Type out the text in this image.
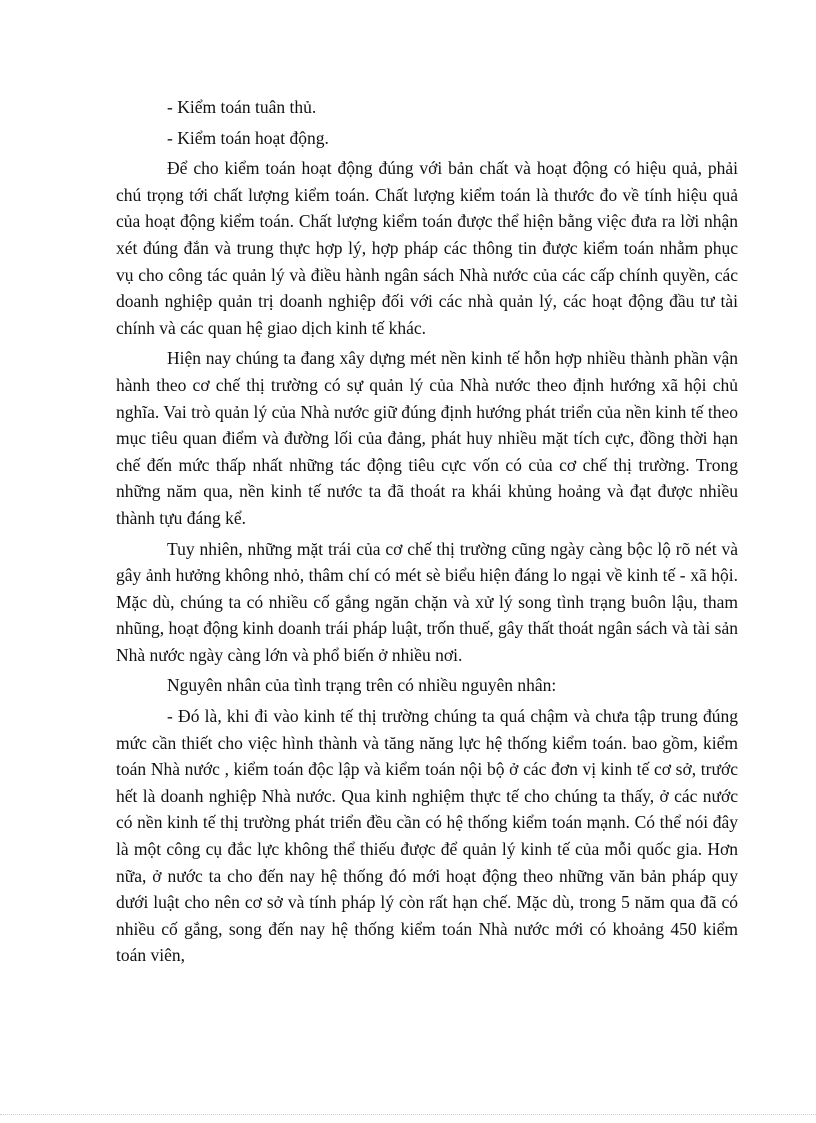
- Kiểm toán tuân thủ.

- Kiểm toán hoạt động.

Để cho kiểm toán hoạt động đúng với bản chất và hoạt động có hiệu quả, phải chú trọng tới chất lượng kiểm toán. Chất lượng kiểm toán là thước đo về tính hiệu quả của hoạt động kiểm toán. Chất lượng kiểm toán được thể hiện bằng việc đưa ra lời nhận xét đúng đắn và trung thực hợp lý, hợp pháp các thông tin được kiểm toán nhằm phục vụ cho công tác quản lý và điều hành ngân sách Nhà nước của các cấp chính quyền, các doanh nghiệp quản trị doanh nghiệp đối với các nhà quản lý, các hoạt động đầu tư tài chính và các quan hệ giao dịch kinh tế khác.

Hiện nay chúng ta đang xây dựng mét nền kinh tế hỗn hợp nhiều thành phần vận hành theo cơ chế thị trường có sự quản lý của Nhà nước theo định hướng xã hội chủ nghĩa. Vai trò quản lý của Nhà nước giữ đúng định hướng phát triển của nền kinh tế theo mục tiêu quan điểm và đường lối của đảng, phát huy nhiều mặt tích cực, đồng thời hạn chế đến mức thấp nhất những tác động tiêu cực vốn có của cơ chế thị trường. Trong những năm qua, nền kinh tế nước ta đã thoát ra khái khủng hoảng và đạt được nhiều thành tựu đáng kể.

Tuy nhiên, những mặt trái của cơ chế thị trường cũng ngày càng bộc lộ rõ nét và gây ảnh hưởng không nhỏ, thâm chí có mét sè biểu hiện đáng lo ngại về kinh tế - xã hội. Mặc dù, chúng ta có nhiều cố gắng ngăn chặn và xử lý song tình trạng buôn lậu, tham nhũng, hoạt động kinh doanh trái pháp luật, trốn thuế, gây thất thoát ngân sách và tài sản Nhà nước ngày càng lớn và phổ biến ở nhiều nơi.

Nguyên nhân của tình trạng trên có nhiều nguyên nhân:

- Đó là, khi đi vào kinh tế thị trường chúng ta quá chậm và chưa tập trung đúng mức cần thiết cho việc hình thành và tăng năng lực hệ thống kiểm toán. bao gồm, kiểm toán Nhà nước , kiểm toán độc lập và kiểm toán nội bộ ở các đơn vị kinh tế cơ sở, trước hết là doanh nghiệp Nhà nước. Qua kinh nghiệm thực tế cho chúng ta thấy, ở các nước có nền kinh tế thị trường phát triển đều cần có hệ thống kiểm toán mạnh. Có thể nói đây là một công cụ đắc lực không thể thiếu được để quản lý kinh tế của mỗi quốc gia. Hơn nữa, ở nước ta cho đến nay hệ thống đó mới hoạt động theo những văn bản pháp quy dưới luật cho nên cơ sở và tính pháp lý còn rất hạn chế. Mặc dù, trong 5 năm qua đã có nhiều cố gắng, song đến nay hệ thống kiểm toán Nhà nước mới có khoảng 450 kiểm toán viên,
